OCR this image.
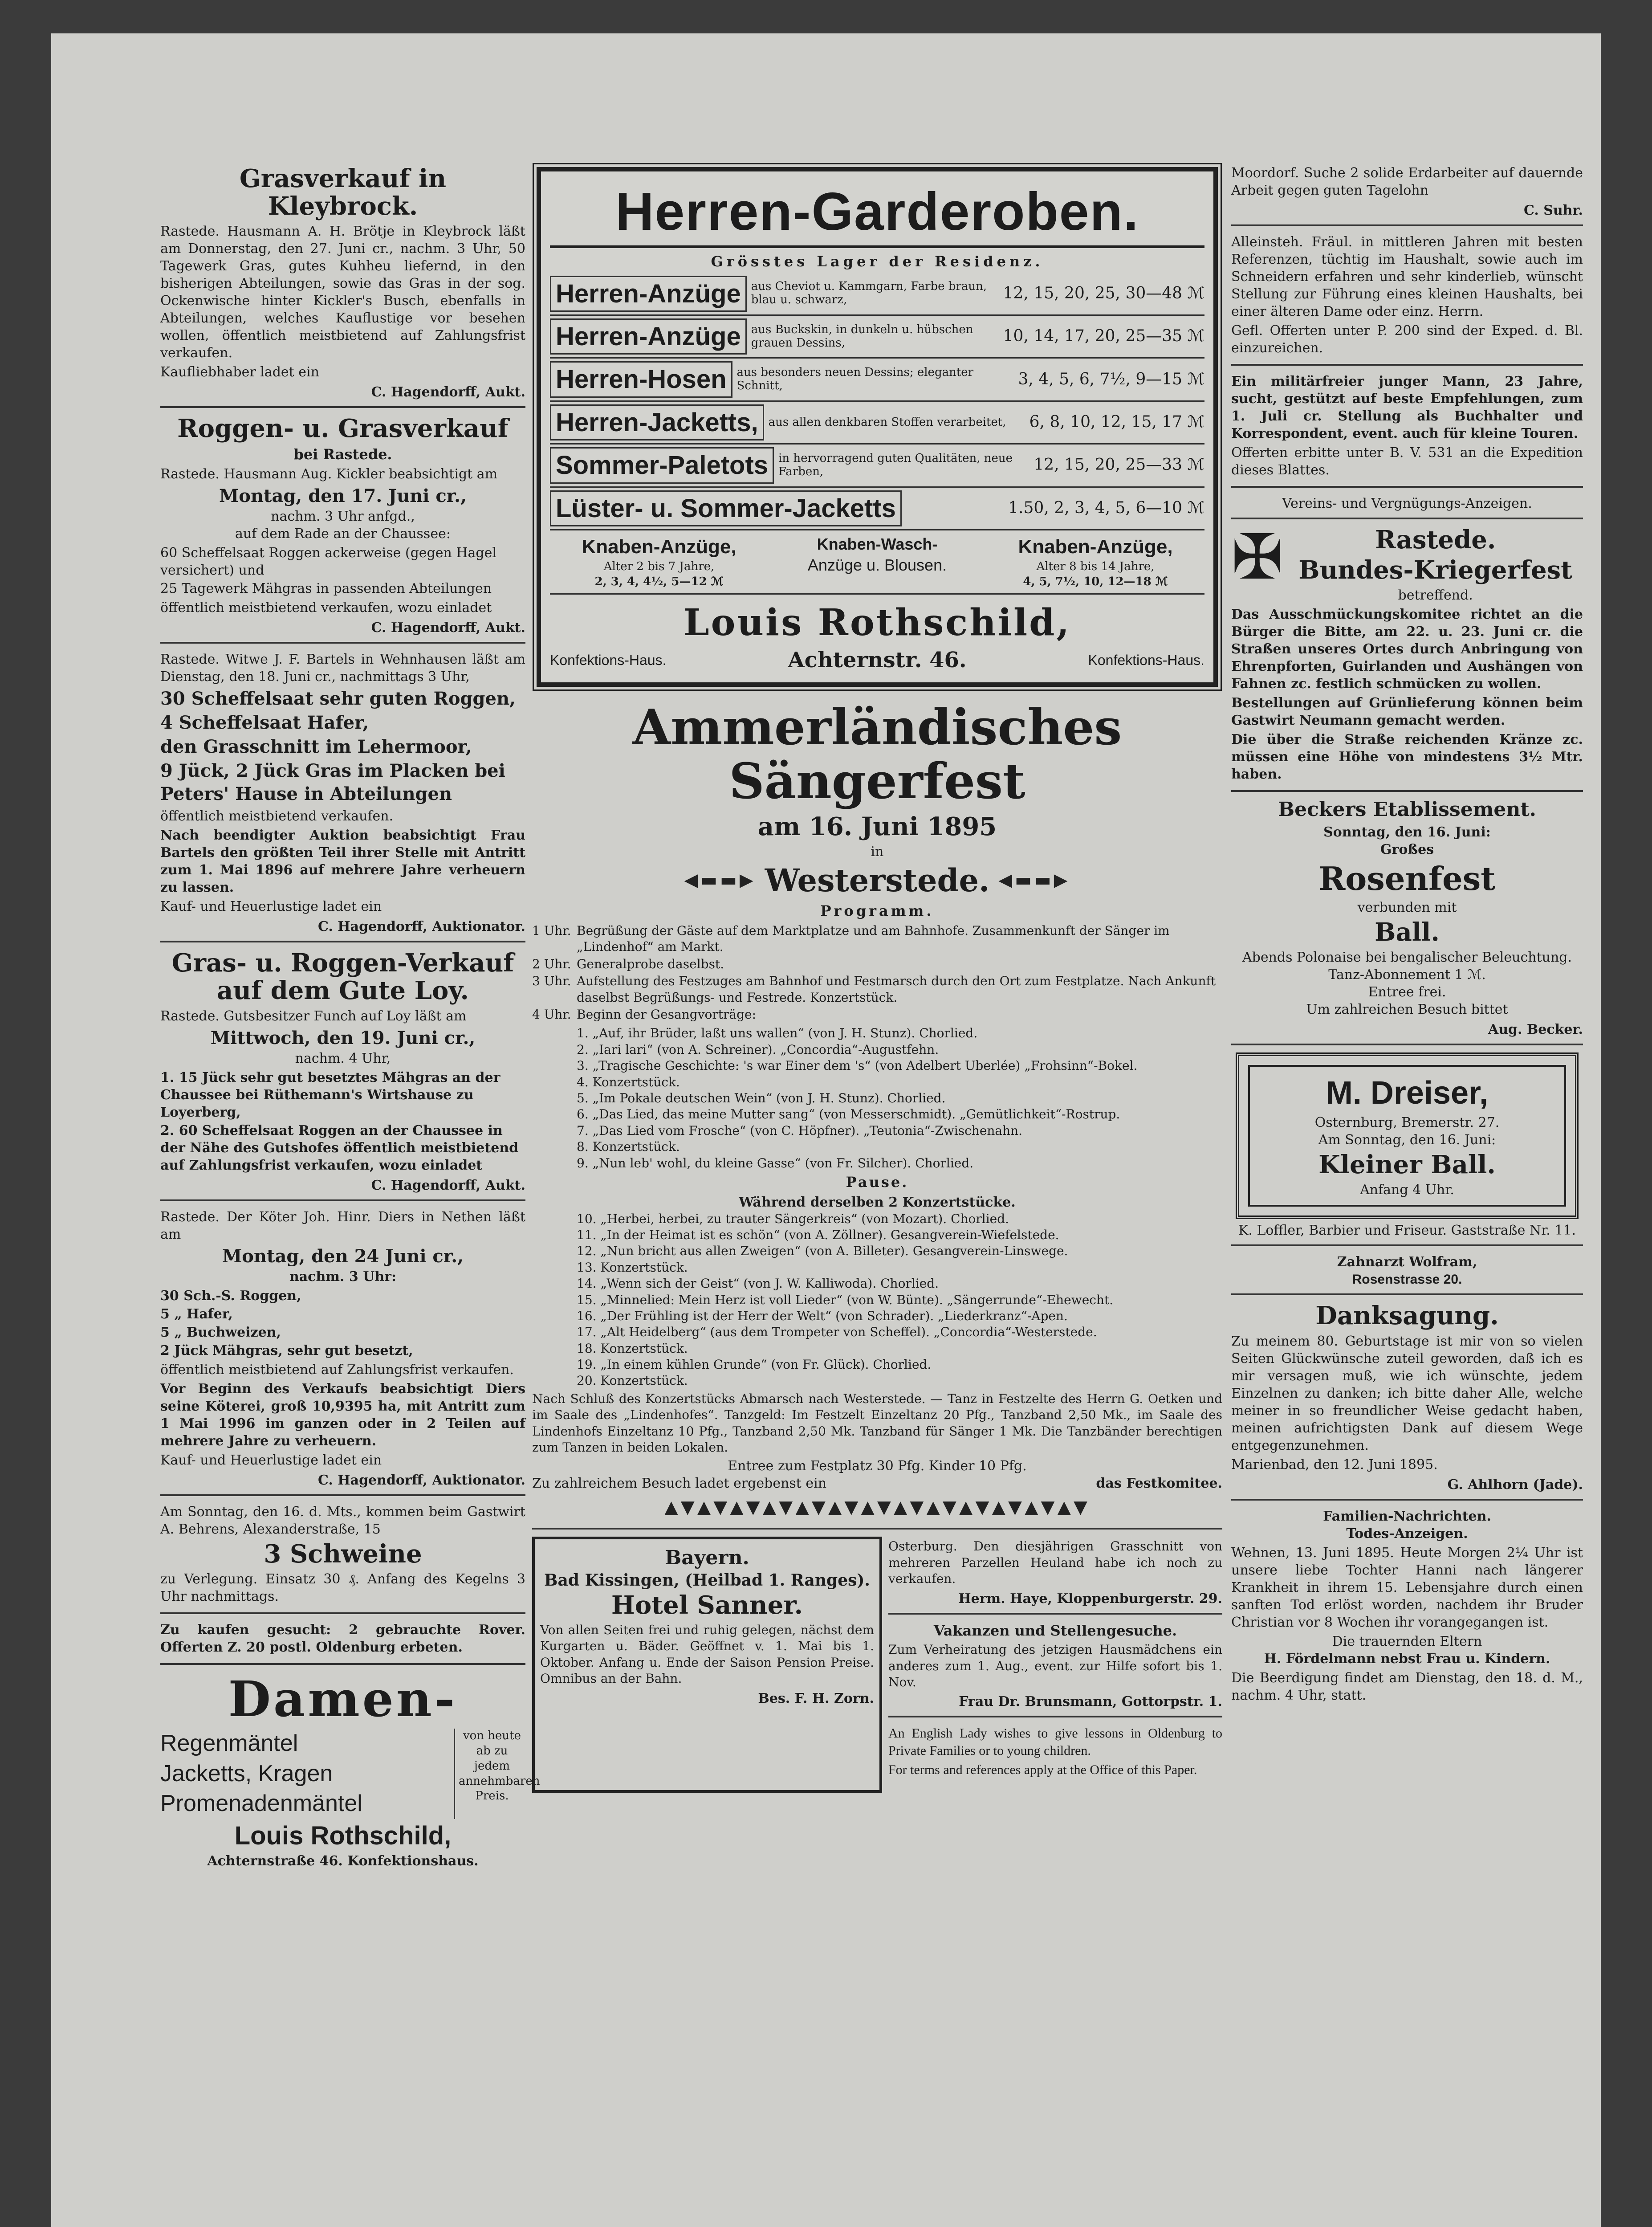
Grasverkauf in Kleybrock.
Rastede. Hausmann A. H. Brötje in Kleybrock läßt am Donnerstag, den 27. Juni cr., nachm. 3 Uhr, 50 Tagewerk Gras, gutes Kuhheu liefernd, in den bisherigen Abteilungen, sowie das Gras in der sog. Ockenwische hinter Kickler's Busch, ebenfalls in Abteilungen, welches Kauflustige vor besehen wollen, öffentlich meistbietend auf Zahlungsfrist verkaufen.
Kaufliebhaber ladet ein
C. Hagendorff, Aukt.
Roggen- u. Grasverkauf
bei Rastede.
Rastede. Hausmann Aug. Kickler beabsichtigt am
Montag, den 17. Juni cr.,
nachm. 3 Uhr anfgd.,
auf dem Rade an der Chaussee:
60 Scheffelsaat Roggen ackerweise (gegen Hagel versichert) und
25 Tagewerk Mähgras in passenden Abteilungen
öffentlich meistbietend verkaufen, wozu einladet
C. Hagendorff, Aukt.
Rastede. Witwe J. F. Bartels in Wehnhausen läßt am Dienstag, den 18. Juni cr., nachmittags 3 Uhr,
30 Scheffelsaat sehr guten Roggen,
4 Scheffelsaat Hafer,
den Grasschnitt im Lehermoor,
9 Jück, 2 Jück Gras im Placken bei Peters' Hause in Abteilungen
öffentlich meistbietend verkaufen.
Nach beendigter Auktion beabsichtigt Frau Bartels den größten Teil ihrer Stelle mit Antritt zum 1. Mai 1896 auf mehrere Jahre verheuern zu lassen.
Kauf- und Heuerlustige ladet ein
C. Hagendorff, Auktionator.
Gras- u. Roggen-Verkauf auf dem Gute Loy.
Rastede. Gutsbesitzer Funch auf Loy läßt am
Mittwoch, den 19. Juni cr.,
nachm. 4 Uhr,
1. 15 Jück sehr gut besetztes Mähgras an der Chaussee bei Rüthemann's Wirtshause zu Loyerberg,
2. 60 Scheffelsaat Roggen an der Chaussee in der Nähe des Gutshofes öffentlich meistbietend auf Zahlungsfrist verkaufen, wozu einladet
C. Hagendorff, Aukt.
Rastede. Der Köter Joh. Hinr. Diers in Nethen läßt am
Montag, den 24 Juni cr.,
nachm. 3 Uhr:
30 Sch.-S. Roggen,
5 „ Hafer,
5 „ Buchweizen,
2 Jück Mähgras, sehr gut besetzt,
öffentlich meistbietend auf Zahlungsfrist verkaufen.
Vor Beginn des Verkaufs beabsichtigt Diers seine Köterei, groß 10,9395 ha, mit Antritt zum 1 Mai 1996 im ganzen oder in 2 Teilen auf mehrere Jahre zu verheuern.
Kauf- und Heuerlustige ladet ein
C. Hagendorff, Auktionator.
Am Sonntag, den 16. d. Mts., kommen beim Gastwirt A. Behrens, Alexanderstraße, 15
3 Schweine
zu Verlegung. Einsatz 30 ₰. Anfang des Kegelns 3 Uhr nachmittags.
Zu kaufen gesucht: 2 gebrauchte Rover. Offerten Z. 20 postl. Oldenburg erbeten.
Damen-
Regenmäntel
Jacketts, Kragen
Promenadenmäntel
von heute ab zu jedem annehmbaren Preis.
Louis Rothschild,
Achternstraße 46. Konfektionshaus.
Herren-Garderoben.
Grösstes Lager der Residenz.
Herren-Anzüge aus Cheviot u. Kammgarn, Farbe braun, blau u. schwarz,	12, 15, 20, 25, 30—48 ℳ
Herren-Anzüge aus Buckskin, in dunkeln u. hübschen grauen Dessins,	10, 14, 17, 20, 25—35 ℳ
Herren-Hosen aus besonders neuen Dessins; eleganter Schnitt,	3, 4, 5, 6, 7½, 9—15 ℳ
Herren-Jacketts, aus allen denkbaren Stoffen verarbeitet,	6, 8, 10, 12, 15, 17 ℳ
Sommer-Paletots in hervorragend guten Qualitäten, neue Farben,	12, 15, 20, 25—33 ℳ
Lüster- u. Sommer-Jacketts	1.50, 2, 3, 4, 5, 6—10 ℳ
Knaben-Anzüge,
Alter 2 bis 7 Jahre,
2, 3, 4, 4½, 5—12 ℳ
Knaben-Wasch-
Anzüge u. Blousen.
Knaben-Anzüge,
Alter 8 bis 14 Jahre,
4, 5, 7½, 10, 12—18 ℳ
Louis Rothschild,
Konfektions-Haus.	Achternstr. 46.	Konfektions-Haus.
Ammerländisches Sängerfest
am 16. Juni 1895
in
◀▬▬▶ Westerstede. ◀▬▬▶
Programm.
1 Uhr. Begrüßung der Gäste auf dem Marktplatze und am Bahnhofe. Zusammenkunft der Sänger im „Lindenhof“ am Markt.
2 Uhr. Generalprobe daselbst.
3 Uhr. Aufstellung des Festzuges am Bahnhof und Festmarsch durch den Ort zum Festplatze. Nach Ankunft daselbst Begrüßungs- und Festrede. Konzertstück.
4 Uhr. Beginn der Gesangvorträge:
1. „Auf, ihr Brüder, laßt uns wallen“ (von J. H. Stunz). Chorlied.
2. „Iari lari“ (von A. Schreiner). „Concordia“-Augustfehn.
3. „Tragische Geschichte: 's war Einer dem 's“ (von Adelbert Uberlée) „Frohsinn“-Bokel.
4. Konzertstück.
5. „Im Pokale deutschen Wein“ (von J. H. Stunz). Chorlied.
6. „Das Lied, das meine Mutter sang“ (von Messerschmidt). „Gemütlichkeit“-Rostrup.
7. „Das Lied vom Frosche“ (von C. Höpfner). „Teutonia“-Zwischenahn.
8. Konzertstück.
9. „Nun leb' wohl, du kleine Gasse“ (von Fr. Silcher). Chorlied.
Pause.
Während derselben 2 Konzertstücke.
10. „Herbei, herbei, zu trauter Sängerkreis“ (von Mozart). Chorlied.
11. „In der Heimat ist es schön“ (von A. Zöllner). Gesangverein-Wiefelstede.
12. „Nun bricht aus allen Zweigen“ (von A. Billeter). Gesangverein-Linswege.
13. Konzertstück.
14. „Wenn sich der Geist“ (von J. W. Kalliwoda). Chorlied.
15. „Minnelied: Mein Herz ist voll Lieder“ (von W. Bünte). „Sängerrunde“-Ehewecht.
16. „Der Frühling ist der Herr der Welt“ (von Schrader). „Liederkranz“-Apen.
17. „Alt Heidelberg“ (aus dem Trompeter von Scheffel). „Concordia“-Westerstede.
18. Konzertstück.
19. „In einem kühlen Grunde“ (von Fr. Glück). Chorlied.
20. Konzertstück.
Nach Schluß des Konzertstücks Abmarsch nach Westerstede. — Tanz in Festzelte des Herrn G. Oetken und im Saale des „Lindenhofes“. Tanzgeld: Im Festzelt Einzeltanz 20 Pfg., Tanzband 2,50 Mk., im Saale des Lindenhofs Einzeltanz 10 Pfg., Tanzband 2,50 Mk. Tanzband für Sänger 1 Mk. Die Tanzbänder berechtigen zum Tanzen in beiden Lokalen.
Entree zum Festplatz 30 Pfg. Kinder 10 Pfg.
Zu zahlreichem Besuch ladet ergebenst ein	das Festkomitee.
▲▼▲▼▲▼▲▼▲▼▲▼▲▼▲▼▲▼▲▼▲▼▲▼▲▼
Bayern.
Bad Kissingen, (Heilbad 1. Ranges).
Hotel Sanner.
Von allen Seiten frei und ruhig gelegen, nächst dem Kurgarten u. Bäder. Geöffnet v. 1. Mai bis 1. Oktober. Anfang u. Ende der Saison Pension Preise. Omnibus an der Bahn.
Bes. F. H. Zorn.
Osterburg. Den diesjährigen Grasschnitt von mehreren Parzellen Heuland habe ich noch zu verkaufen.
Herm. Haye, Kloppenburgerstr. 29.
Vakanzen und Stellengesuche.
Zum Verheiratung des jetzigen Hausmädchens ein anderes zum 1. Aug., event. zur Hilfe sofort bis 1. Nov.
Frau Dr. Brunsmann, Gottorpstr. 1.
An English Lady wishes to give lessons in Oldenburg to Private Families or to young children.
For terms and references apply at the Office of this Paper.
Moordorf. Suche 2 solide Erdarbeiter auf dauernde Arbeit gegen guten Tagelohn
C. Suhr.
Alleinsteh. Fräul. in mittleren Jahren mit besten Referenzen, tüchtig im Haushalt, sowie auch im Schneidern erfahren und sehr kinderlieb, wünscht Stellung zur Führung eines kleinen Haushalts, bei einer älteren Dame oder einz. Herrn.
Gefl. Offerten unter P. 200 sind der Exped. d. Bl. einzureichen.
Ein militärfreier junger Mann, 23 Jahre, sucht, gestützt auf beste Empfehlungen, zum 1. Juli cr. Stellung als Buchhalter und Korrespondent, event. auch für kleine Touren.
Offerten erbitte unter B. V. 531 an die Expedition dieses Blattes.
Vereins- und Vergnügungs-Anzeigen.
✠	Rastede.
Bundes-Kriegerfest
betreffend.
Das Ausschmückungskomitee richtet an die Bürger die Bitte, am 22. u. 23. Juni cr. die Straßen unseres Ortes durch Anbringung von Ehrenpforten, Guirlanden und Aushängen von Fahnen zc. festlich schmücken zu wollen.
Bestellungen auf Grünlieferung können beim Gastwirt Neumann gemacht werden.
Die über die Straße reichenden Kränze zc. müssen eine Höhe von mindestens 3½ Mtr. haben.
Beckers Etablissement.
Sonntag, den 16. Juni:
Großes
Rosenfest
verbunden mit
Ball.
Abends Polonaise bei bengalischer Beleuchtung. Tanz-Abonnement 1 ℳ.
Entree frei.
Um zahlreichen Besuch bittet
Aug. Becker.
M. Dreiser,
Osternburg, Bremerstr. 27.
Am Sonntag, den 16. Juni:
Kleiner Ball.
Anfang 4 Uhr.
K. Loffler, Barbier und Friseur. Gaststraße Nr. 11.
Zahnarzt Wolfram,
Rosenstrasse 20.
Danksagung.
Zu meinem 80. Geburtstage ist mir von so vielen Seiten Glückwünsche zuteil geworden, daß ich es mir versagen muß, wie ich wünschte, jedem Einzelnen zu danken; ich bitte daher Alle, welche meiner in so freundlicher Weise gedacht haben, meinen aufrichtigsten Dank auf diesem Wege entgegenzunehmen.
Marienbad, den 12. Juni 1895.
G. Ahlhorn (Jade).
Familien-Nachrichten.
Todes-Anzeigen.
Wehnen, 13. Juni 1895. Heute Morgen 2¼ Uhr ist unsere liebe Tochter Hanni nach längerer Krankheit in ihrem 15. Lebensjahre durch einen sanften Tod erlöst worden, nachdem ihr Bruder Christian vor 8 Wochen ihr vorangegangen ist.
Die trauernden Eltern
H. Fördelmann nebst Frau u. Kindern.
Die Beerdigung findet am Dienstag, den 18. d. M., nachm. 4 Uhr, statt.
